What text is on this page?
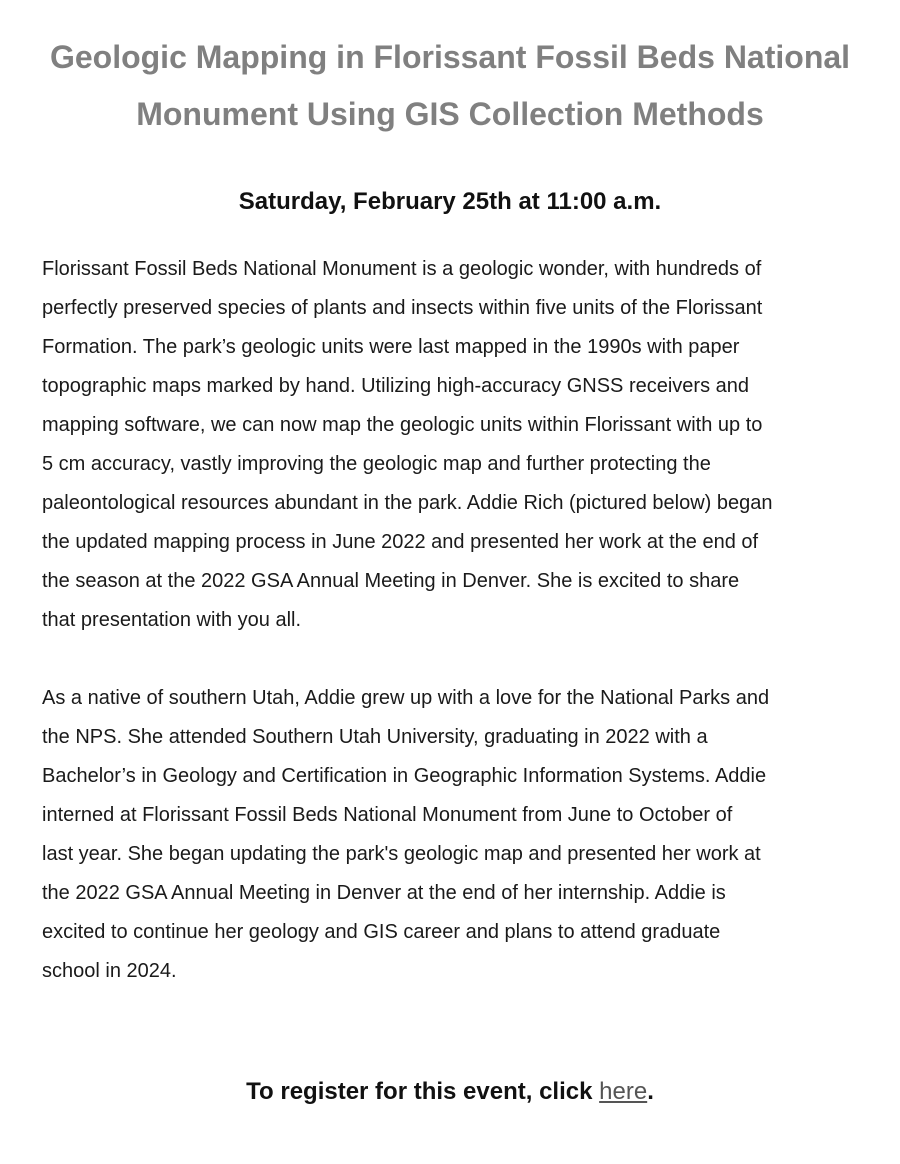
Geologic Mapping in Florissant Fossil Beds National
Monument Using GIS Collection Methods

Saturday, February 25th at 11:00 a.m.

Florissant Fossil Beds National Monument is a geologic wonder, with hundreds of
perfectly preserved species of plants and insects within five units of the Florissant
Formation. The park’s geologic units were last mapped in the 1990s with paper
topographic maps marked by hand. Utilizing high-accuracy GNSS receivers and
mapping software, we can now map the geologic units within Florissant with up to
5 cm accuracy, vastly improving the geologic map and further protecting the
paleontological resources abundant in the park. Addie Rich (pictured below) began
the updated mapping process in June 2022 and presented her work at the end of
the season at the 2022 GSA Annual Meeting in Denver. She is excited to share
that presentation with you all.

As a native of southern Utah, Addie grew up with a love for the National Parks and
the NPS. She attended Southern Utah University, graduating in 2022 with a
Bachelor’s in Geology and Certification in Geographic Information Systems. Addie
interned at Florissant Fossil Beds National Monument from June to October of
last year. She began updating the park's geologic map and presented her work at
the 2022 GSA Annual Meeting in Denver at the end of her internship. Addie is
excited to continue her geology and GIS career and plans to attend graduate
school in 2024.

To register for this event, click here.
